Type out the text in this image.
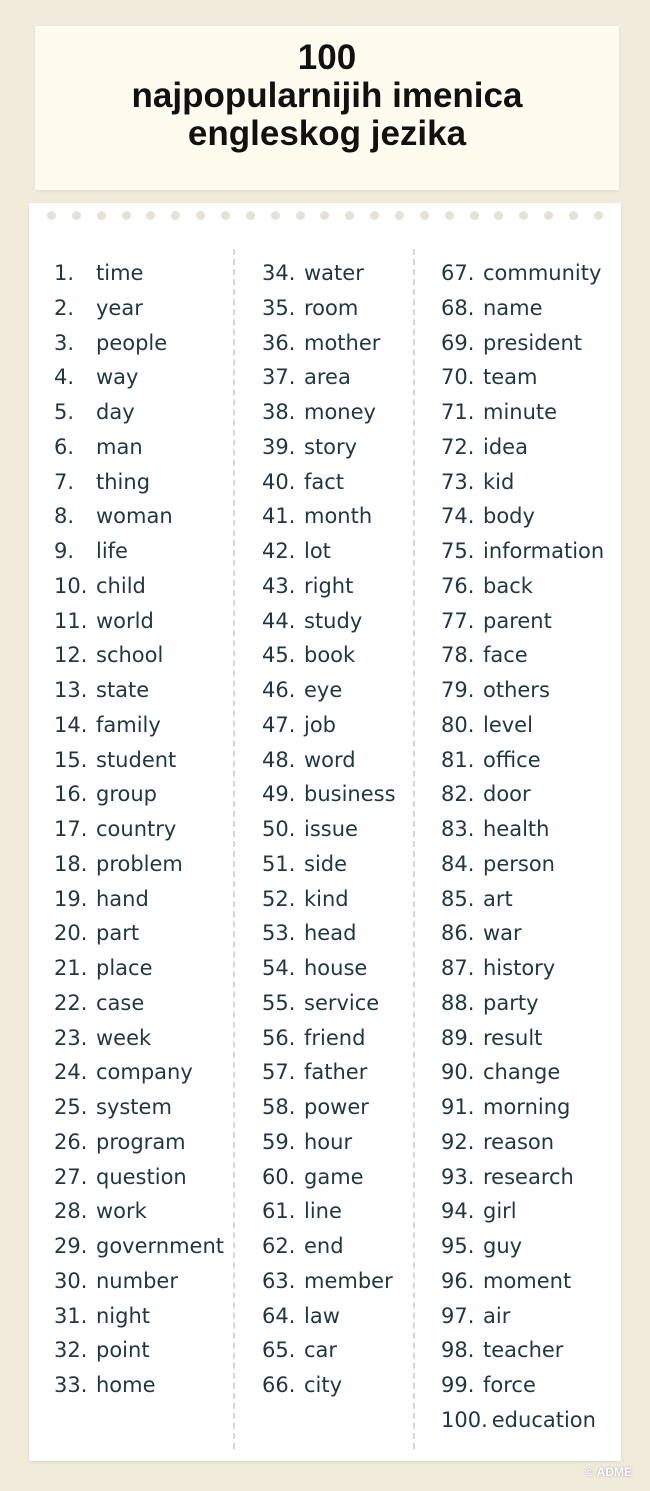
100
najpopularnijih imenica
engleskog jezika
1. time
2. year
3. people
4. way
5. day
6. man
7. thing
8. woman
9. life
10. child
11. world
12. school
13. state
14. family
15. student
16. group
17. country
18. problem
19. hand
20. part
21. place
22. case
23. week
24. company
25. system
26. program
27. question
28. work
29. government
30. number
31. night
32. point
33. home
34. water
35. room
36. mother
37. area
38. money
39. story
40. fact
41. month
42. lot
43. right
44. study
45. book
46. eye
47. job
48. word
49. business
50. issue
51. side
52. kind
53. head
54. house
55. service
56. friend
57. father
58. power
59. hour
60. game
61. line
62. end
63. member
64. law
65. car
66. city
67. community
68. name
69. president
70. team
71. minute
72. idea
73. kid
74. body
75. information
76. back
77. parent
78. face
79. others
80. level
81. office
82. door
83. health
84. person
85. art
86. war
87. history
88. party
89. result
90. change
91. morning
92. reason
93. research
94. girl
95. guy
96. moment
97. air
98. teacher
99. force
100. education
© ADME
